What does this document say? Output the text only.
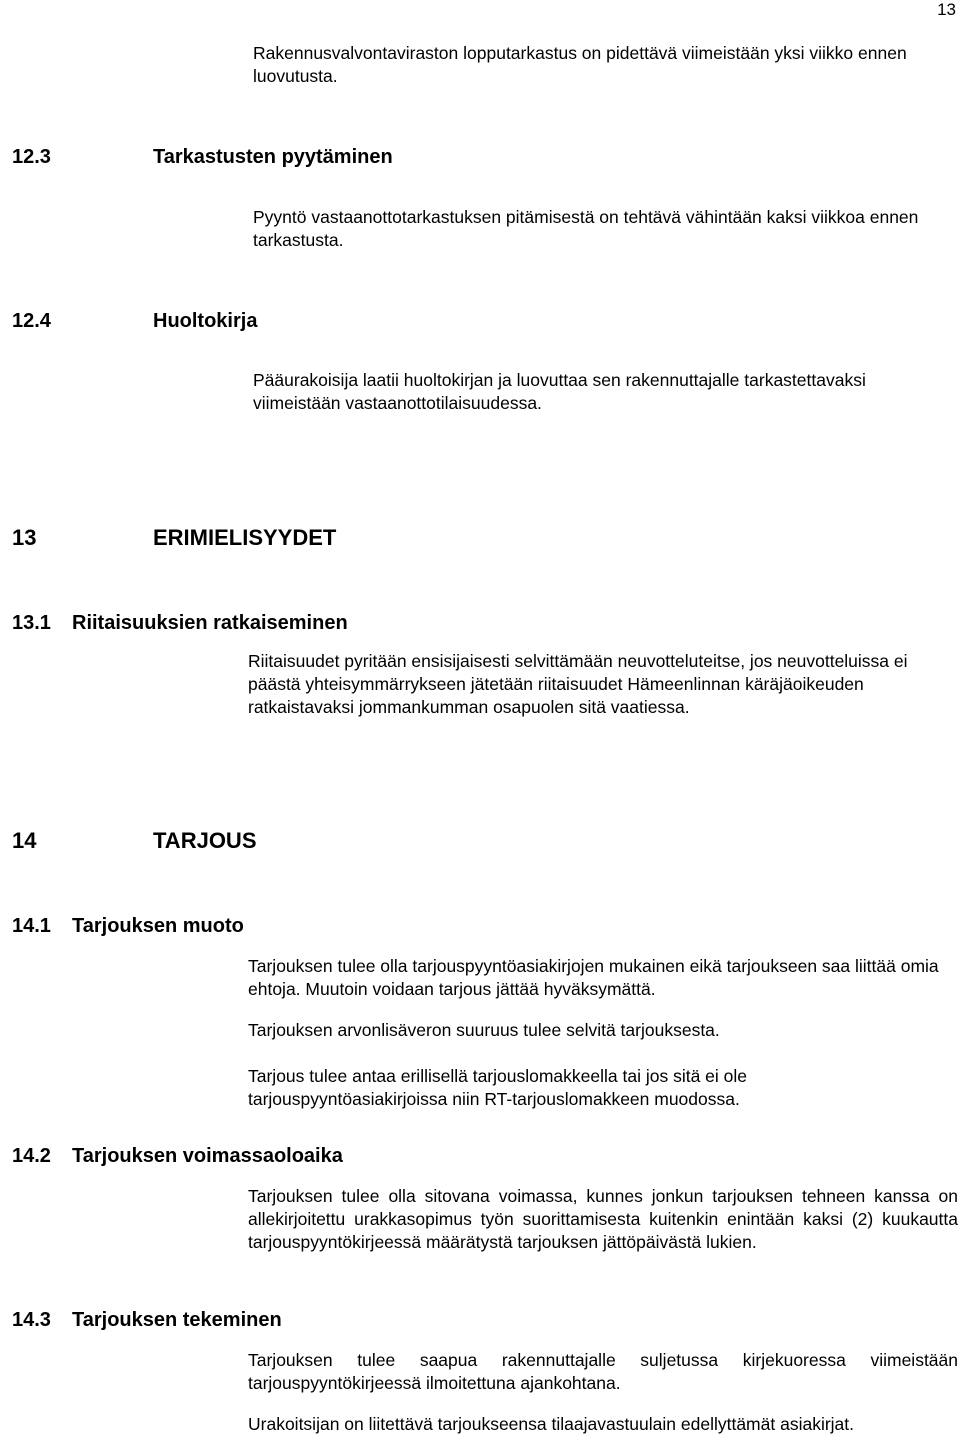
13

Rakennusvalvontaviraston lopputarkastus on pidettävä viimeistään yksi viikko ennen luovutusta.

12.3	Tarkastusten pyytäminen

Pyyntö vastaanottotarkastuksen pitämisestä on tehtävä vähintään kaksi viikkoa ennen tarkastusta.

12.4	Huoltokirja

Pääurakoisija laatii huoltokirjan ja luovuttaa sen rakennuttajalle tarkastettavaksi viimeistään vastaanottotilaisuudessa.

13	ERIMIELISYYDET
13.1 Riitaisuuksien ratkaiseminen

Riitaisuudet pyritään ensisijaisesti selvittämään neuvotteluteitse, jos neuvotteluissa ei päästä yhteisymmärrykseen jätetään riitaisuudet Hämeenlinnan käräjäoikeuden ratkaistavaksi jommankumman osapuolen sitä vaatiessa.

14	TARJOUS
14.1 Tarjouksen muoto

Tarjouksen tulee olla tarjouspyyntöasiakirjojen mukainen eikä tarjoukseen saa liittää omia ehtoja. Muutoin voidaan tarjous jättää hyväksymättä.

Tarjouksen arvonlisäveron suuruus tulee selvitä tarjouksesta.

Tarjous tulee antaa erillisellä tarjouslomakkeella tai jos sitä ei ole tarjouspyyntöasiakirjoissa niin RT-tarjouslomakkeen muodossa.

14.2 Tarjouksen voimassaoloaika

Tarjouksen tulee olla sitovana voimassa, kunnes jonkun tarjouksen tehneen kanssa on allekirjoitettu urakkasopimus työn suorittamisesta kuitenkin enintään kaksi (2) kuukautta tarjouspyyntökirjeessä määrätystä tarjouksen jättöpäivästä lukien.

14.3 Tarjouksen tekeminen

Tarjouksen tulee saapua rakennuttajalle suljetussa kirjekuoressa viimeistään tarjouspyyntökirjeessä ilmoitettuna ajankohtana.

Urakoitsijan on liitettävä tarjoukseensa tilaajavastuulain edellyttämät asiakirjat.
